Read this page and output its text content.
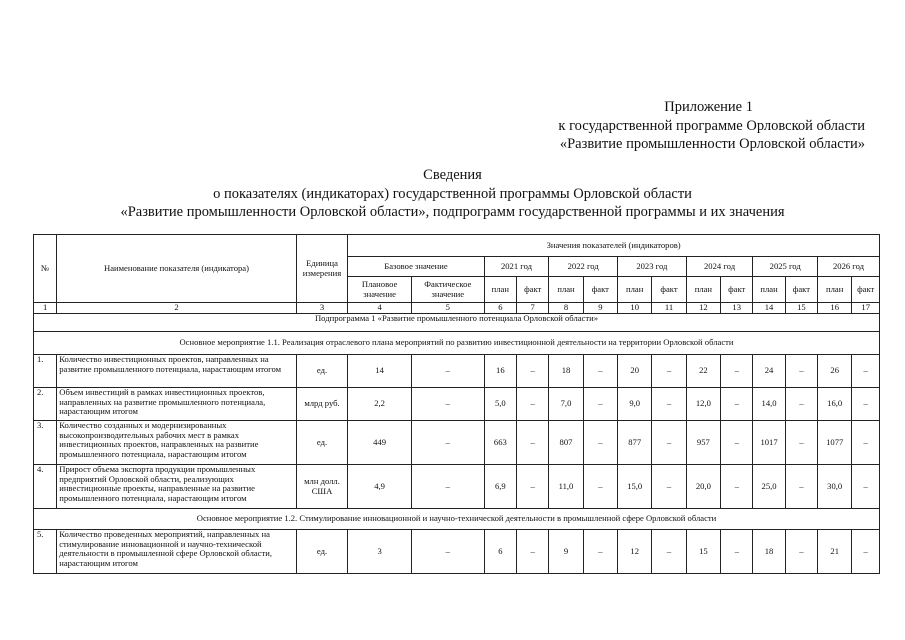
Приложение 1
к государственной программе Орловской области
«Развитие промышленности Орловской области»
Сведения
о показателях (индикаторах) государственной программы Орловской области
«Развитие промышленности Орловской области», подпрограмм государственной программы и их значения
№	Наименование показателя (индикатора)	Единица измерения	Значения показателей (индикаторов)													
			Базовое значение		2021 год		2022 год		2023 год		2024 год		2025 год		2026 год	
			Плановое значение	Фактическое значение	план	факт	план	факт	план	факт	план	факт	план	факт	план	факт
1	2	3	4	5	6	7	8	9	10	11	12	13	14	15	16	17
Подпрограмма 1 «Развитие промышленного потенциала Орловской области»																
Основное мероприятие 1.1. Реализация отраслевого плана мероприятий по развитию инвестиционной деятельности на территории Орловской области																
1.	Количество инвестиционных проектов, направленных на развитие промышленного потенциала, нарастающим итогом	ед.	14	–	16	–	18	–	20	–	22	–	24	–	26	–
2.	Объем инвестиций в рамках инвестиционных проектов, направленных на развитие промышленного потенциала, нарастающим итогом	млрд руб.	2,2	–	5,0	–	7,0	–	9,0	–	12,0	–	14,0	–	16,0	–
3.	Количество созданных и модернизированных высокопроизводительных рабочих мест в рамках инвестиционных проектов, направленных на развитие промышленного потенциала, нарастающим итогом	ед.	449	–	663	–	807	–	877	–	957	–	1017	–	1077	–
4.	Прирост объема экспорта продукции промышленных предприятий Орловской области, реализующих инвестиционные проекты, направленные на развитие промышленного потенциала, нарастающим итогом	млн долл. США	4,9	–	6,9	–	11,0	–	15,0	–	20,0	–	25,0	–	30,0	–
Основное мероприятие 1.2. Стимулирование инновационной и научно-технической деятельности в промышленной сфере Орловской области																
5.	Количество проведенных мероприятий, направленных на стимулирование инновационной и научно-технической деятельности в промышленной сфере Орловской области, нарастающим итогом	ед.	3	–	6	–	9	–	12	–	15	–	18	–	21	–
